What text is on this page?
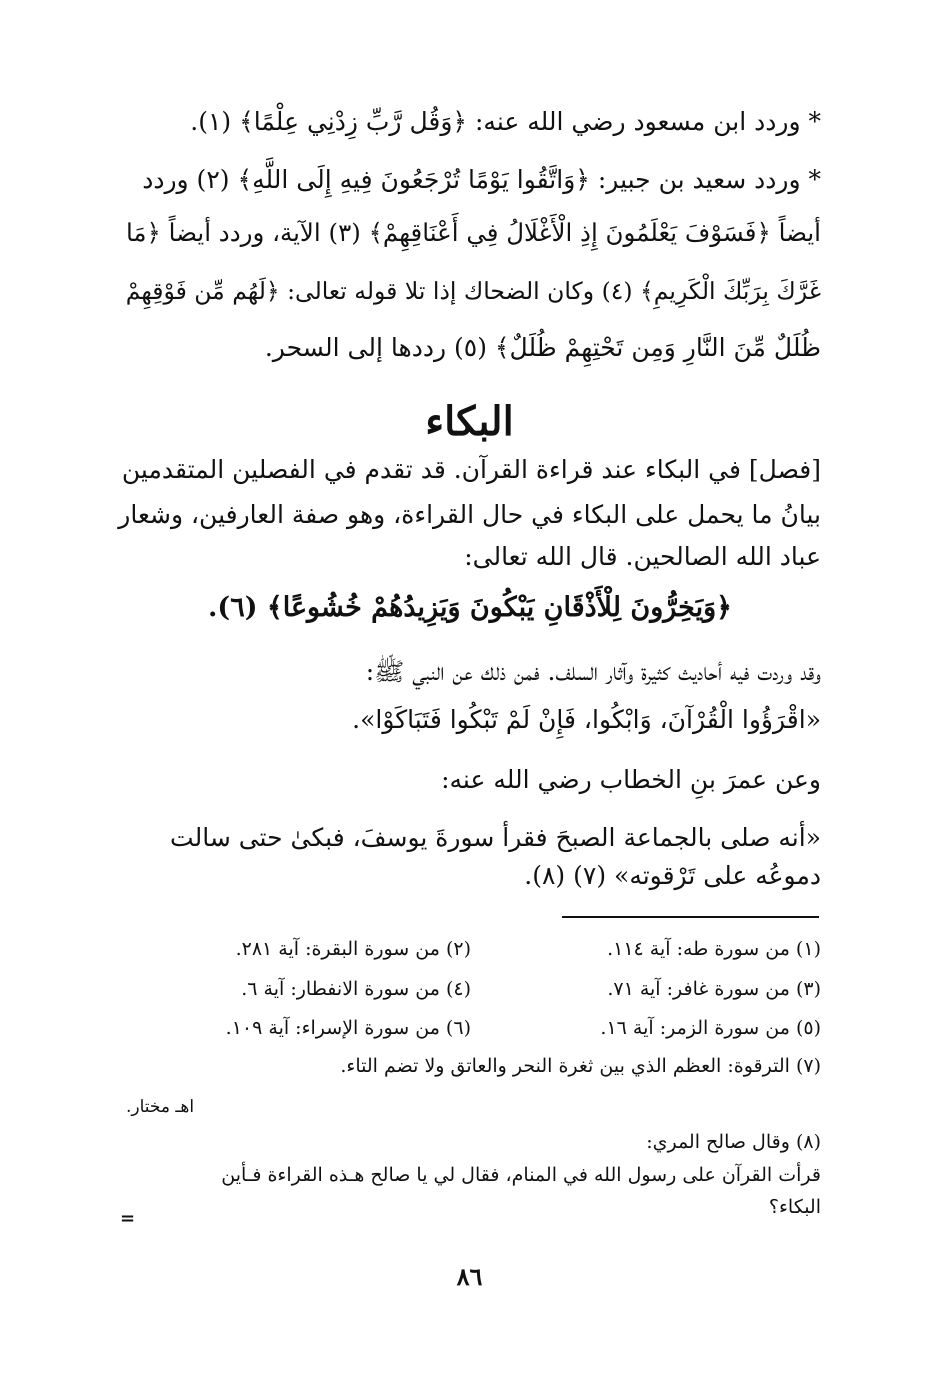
* وردد ابن مسعود رضي الله عنه: ﴿وَقُل رَّبِّ زِدْنِي عِلْمًا﴾ (١).
* وردد سعيد بن جبير: ﴿وَاتَّقُوا يَوْمًا تُرْجَعُونَ فِيهِ إِلَى اللَّهِ﴾ (٢) وردد
أيضاً ﴿فَسَوْفَ يَعْلَمُونَ إِذِ الْأَغْلَالُ فِي أَعْنَاقِهِمْ﴾ (٣) الآية، وردد أيضاً ﴿مَا
غَرَّكَ بِرَبِّكَ الْكَرِيمِ﴾ (٤) وكان الضحاك إذا تلا قوله تعالى: ﴿لَهُم مِّن فَوْقِهِمْ
ظُلَلٌ مِّنَ النَّارِ وَمِن تَحْتِهِمْ ظُلَلٌ﴾ (٥) رددها إلى السحر.
البكاء
[فصل] في البكاء عند قراءة القرآن. قد تقدم في الفصلين المتقدمين
بيانُ ما يحمل على البكاء في حال القراءة، وهو صفة العارفين، وشعار
عباد الله الصالحين. قال الله تعالى:
﴿وَيَخِرُّونَ لِلْأَذْقَانِ يَبْكُونَ وَيَزِيدُهُمْ خُشُوعًا﴾ (٦).
وقد وردت فيه أحاديث كثيرة وآثار السلف. فمن ذلك عن النبي ﷺ:
«اقْرَؤُوا الْقُرْآنَ، وَابْكُوا، فَإِنْ لَمْ تَبْكُوا فَتَبَاكَوْا».
وعن عمرَ بنِ الخطاب رضي الله عنه:
«أنه صلى بالجماعة الصبحَ فقرأ سورةَ يوسفَ، فبكىٰ حتى سالت
دموعُه على تَرْقوته» (٧) (٨).
(١) من سورة طه: آية ١١٤.
(٢) من سورة البقرة: آية ٢٨١.
(٣) من سورة غافر: آية ٧١.
(٤) من سورة الانفطار: آية ٦.
(٥) من سورة الزمر: آية ١٦.
(٦) من سورة الإسراء: آية ١٠٩.
(٧) الترقوة: العظم الذي بين ثغرة النحر والعاتق ولا تضم التاء.
اهـ مختار.
(٨) وقال صالح المري:
قرأت القرآن على رسول الله في المنام، فقال لي يا صالح هـذه القراءة فـأين
البكاء؟
=
٨٦
